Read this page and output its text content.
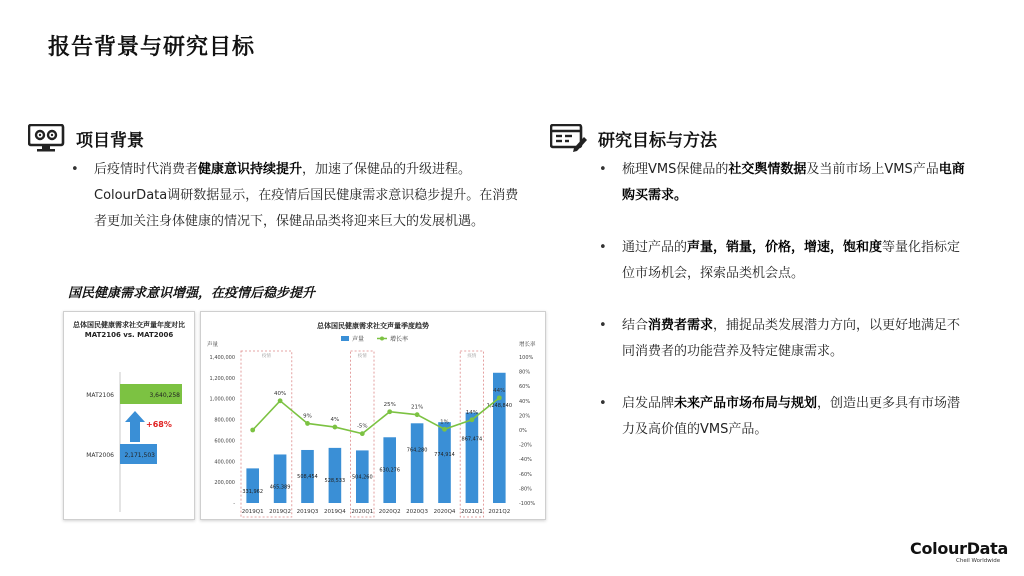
报告背景与研究目标
项目背景
• 后疫情时代消费者健康意识持续提升，加速了保健品的升级进程。ColourData调研数据显示，在疫情后国民健康需求意识稳步提升。在消费者更加关注身体健康的情况下，保健品品类将迎来巨大的发展机遇。
国民健康需求意识增强，在疫情后稳步提升
总体国民健康需求社交声量年度对比
MAT2106 vs. MAT2006
MAT2106	3,640,258
MAT2006 2,171,503
+68%
总体国民健康需求社交声量季度趋势
声量	增长率
声量	增长率
1,400,000
1,200,000
1,000,000
800,000
600,000
400,000
200,000
-
100%
80%
60%
40%
20%
0%
-20%
-40%
-60%
-80%
-100%
疫情	疫情	疫情
331,962
465,389
508,454
528,533
504,260
630,276
764,280
774,914
867,474
1,248,840
2019Q1 2019Q2 2019Q3 2019Q4 2020Q1 2020Q2 2020Q3 2020Q4 2021Q1 2021Q2
40%
9%
4%
-5%
25%	21%
1%
14%
44%
研究目标与方法
• 梳理VMS保健品的社交舆情数据及当前市场上VMS产品电商购买需求。
• 通过产品的声量，销量，价格，增速，饱和度等量化指标定位市场机会，探索品类机会点。
• 结合消费者需求，捕捉品类发展潜力方向，以更好地满足不同消费者的功能营养及特定健康需求。
• 启发品牌未来产品市场布局与规划，创造出更多具有市场潜力及高价值的VMS产品。
ColourData
Cheil Worldwide
